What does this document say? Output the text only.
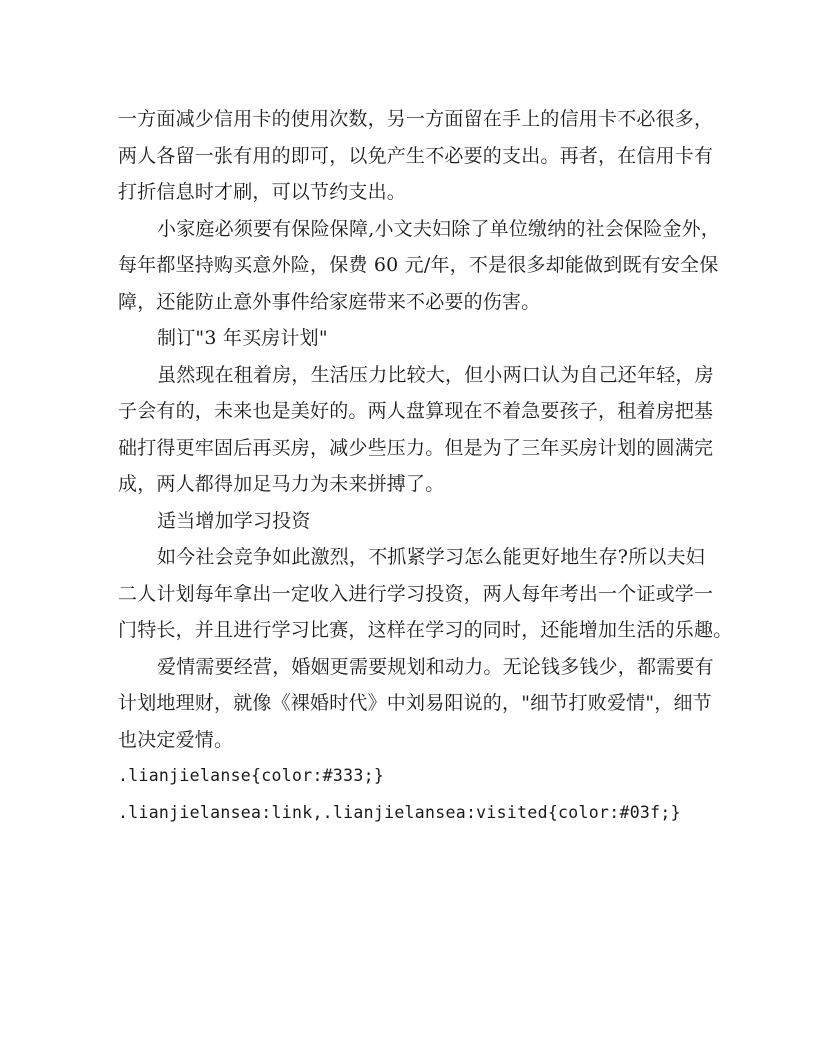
一方面减少信用卡的使用次数，另一方面留在手上的信用卡不必很多，
两人各留一张有用的即可，以免产生不必要的支出。再者，在信用卡有
打折信息时才刷，可以节约支出。
小家庭必须要有保险保障,小文夫妇除了单位缴纳的社会保险金外，
每年都坚持购买意外险，保费 60 元/年，不是很多却能做到既有安全保
障，还能防止意外事件给家庭带来不必要的伤害。
制订"3 年买房计划"
虽然现在租着房，生活压力比较大，但小两口认为自己还年轻，房
子会有的，未来也是美好的。两人盘算现在不着急要孩子，租着房把基
础打得更牢固后再买房，减少些压力。但是为了三年买房计划的圆满完
成，两人都得加足马力为未来拼搏了。
适当增加学习投资
如今社会竞争如此激烈，不抓紧学习怎么能更好地生存?所以夫妇
二人计划每年拿出一定收入进行学习投资，两人每年考出一个证或学一
门特长，并且进行学习比赛，这样在学习的同时，还能增加生活的乐趣。
爱情需要经营，婚姻更需要规划和动力。无论钱多钱少，都需要有
计划地理财，就像《裸婚时代》中刘易阳说的，"细节打败爱情"，细节
也决定爱情。
.lianjielanse{color:#333;}
.lianjielansea:link,.lianjielansea:visited{color:#03f;}
